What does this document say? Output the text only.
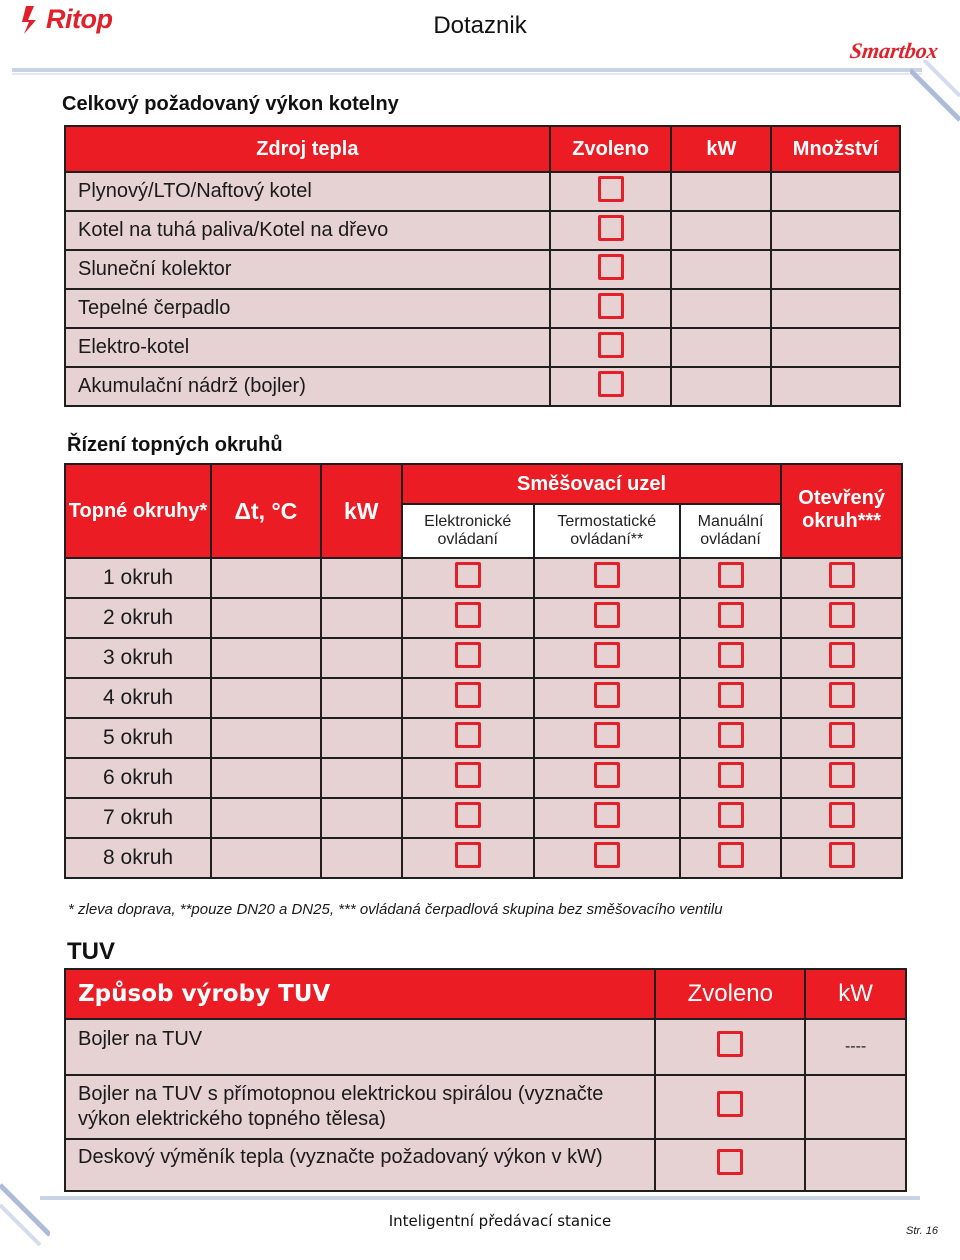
Ritop	Dotaznik
Smartbox
Celkový požadovaný výkon kotelny
Zdroj tepla	Zvoleno	kW	Množství
Plynový/LTO/Naftový kotel			
Kotel na tuhá paliva/Kotel na dřevo			
Sluneční kolektor			
Tepelné čerpadlo			
Elektro-kotel			
Akumulační nádrž (bojler)			
Řízení topných okruhů
Topné okruhy*	Δt, °C	kW	Směšovací uzel			Otevřený okruh***
			Elektronické ovládaní	Termostatické ovládaní**	Manuální ovládaní	
1 okruh						
2 okruh						
3 okruh						
4 okruh						
5 okruh						
6 okruh						
7 okruh						
8 okruh						
* zleva doprava, **pouze DN20 a DN25, *** ovládaná čerpadlová skupina bez směšovacího ventilu
TUV
Způsob výroby TUV	Zvoleno	kW
Bojler na TUV		----
Bojler na TUV s přímotopnou elektrickou spirálou (vyznačte výkon elektrického topného tělesa)		
Deskový výměník tepla (vyznačte požadovaný výkon v kW)		
Inteligentní předávací stanice
Str. 16
